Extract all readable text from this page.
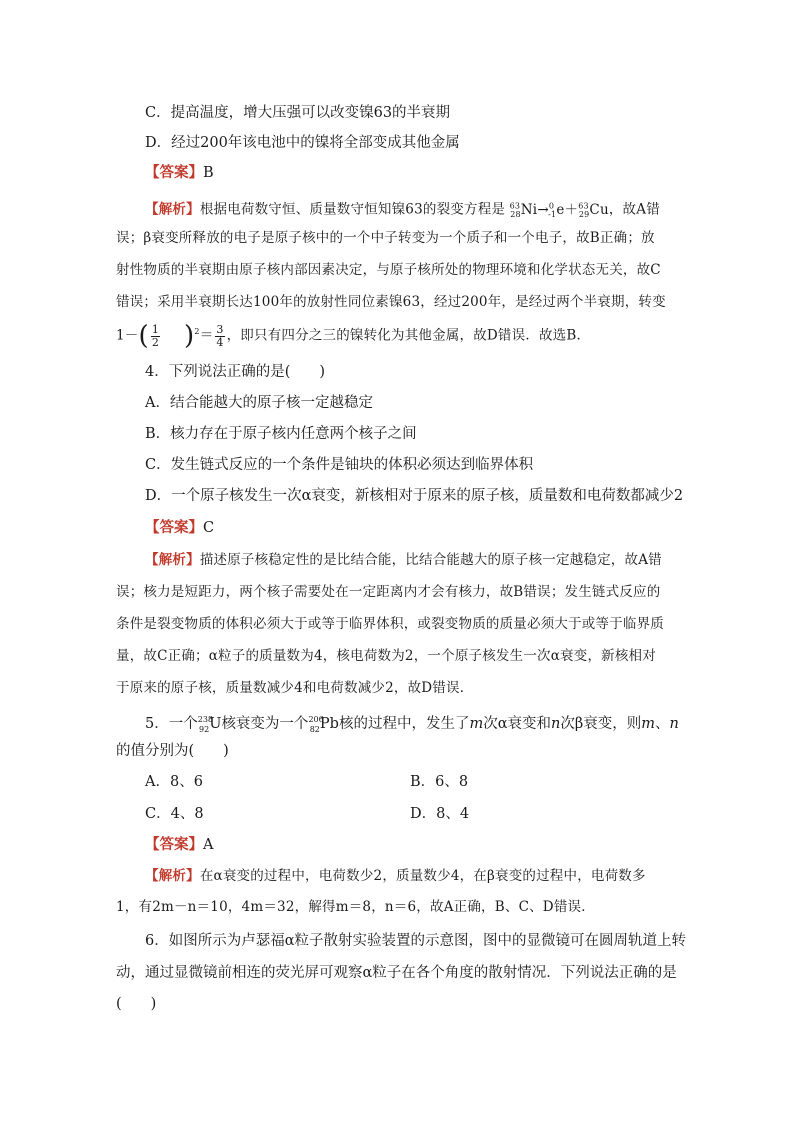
C．提高温度，增大压强可以改变镍63的半衰期
D．经过200年该电池中的镍将全部变成其他金属
【答案】B
【解析】根据电荷数守恒、质量数守恒知镍63的裂变方程是 $^{63}_{28}$Ni→$^0_{-1}$e＋$^{63}_{29}$Cu，故A错
误；β衰变所释放的电子是原子核中的一个中子转变为一个质子和一个电子，故B正确；放
射性物质的半衰期由原子核内部因素决定，与原子核所处的物理环境和化学状态无关，故C
错误；采用半衰期长达100年的放射性同位素镍63，经过200年，是经过两个半衰期，转变
$1-( \frac{1}{2} )^2= \frac{3}{4}$ ，即只有四分之三的镍转化为其他金属，故D错误．故选B．
4．下列说法正确的是(　　)
A．结合能越大的原子核一定越稳定
B．核力存在于原子核内任意两个核子之间
C．发生链式反应的一个条件是铀块的体积必须达到临界体积
D．一个原子核发生一次α衰变，新核相对于原来的原子核，质量数和电荷数都减少2
【答案】C
【解析】描述原子核稳定性的是比结合能，比结合能越大的原子核一定越稳定，故A错
误；核力是短距力，两个核子需要处在一定距离内才会有核力，故B错误；发生链式反应的
条件是裂变物质的体积必须大于或等于临界体积，或裂变物质的质量必须大于或等于临界质
量，故C正确；α粒子的质量数为4，核电荷数为2，一个原子核发生一次α衰变，新核相对
于原来的原子核，质量数减少4和电荷数减少2，故D错误．
5．一个$^{238}_{92}$U核衰变为一个$^{206}_{82}$Pb核的过程中，发生了m次α衰变和n次β衰变，则m、n
的值分别为(　　)
A．8、6	B．6、8
C．4、8	D．8、4
【答案】A
【解析】在α衰变的过程中，电荷数少2，质量数少4，在β衰变的过程中，电荷数多
1，有2m－n＝10，4m＝32，解得m＝8，n＝6，故A正确，B、C、D错误．
6．如图所示为卢瑟福α粒子散射实验装置的示意图，图中的显微镜可在圆周轨道上转
动，通过显微镜前相连的荧光屏可观察α粒子在各个角度的散射情况．下列说法正确的是
(　　)
